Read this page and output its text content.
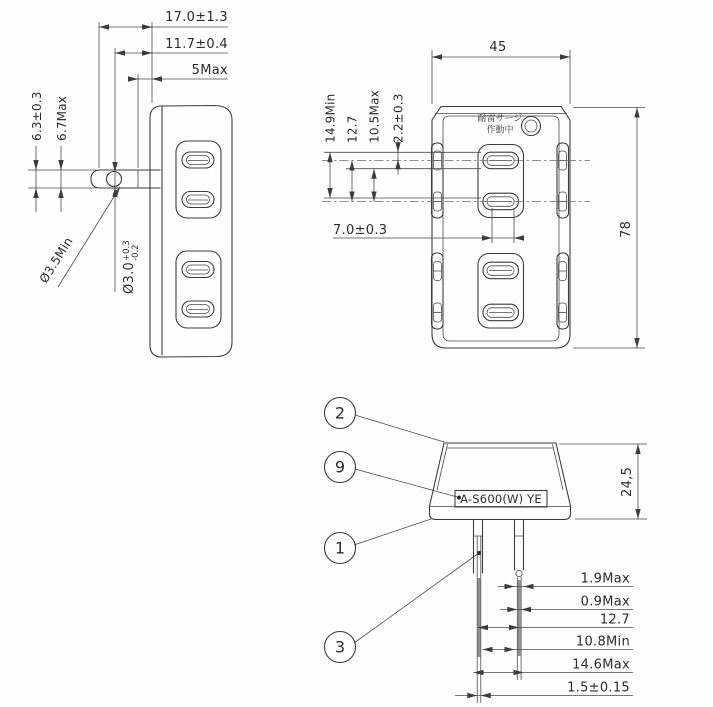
17.0±1.3
11.7±0.4
5Max
6.3±0.3 6.7Max
Ø3.5Min	Ø3.0
+0.3 -0.2
耐雷サージ
作動中
45
78
14.9Min 12.7 10.5Max 2.2±0.3
7.0±0.3
2
9
1
3
A-S600(W) YE
24,5
1.9Max
0.9Max
12.7
10.8Min
14.6Max
1.5±0.15
